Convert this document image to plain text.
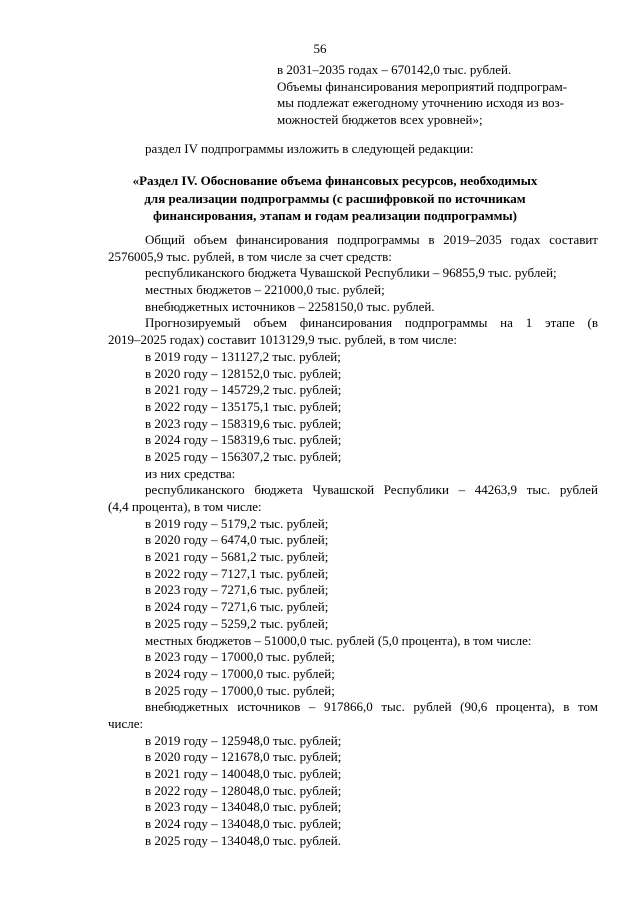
56
в 2031–2035 годах – 670142,0 тыс. рублей.
Объемы финансирования мероприятий подпрограм-
мы подлежат ежегодному уточнению исходя из воз-
можностей бюджетов всех уровней»;
раздел IV подпрограммы изложить в следующей редакции:
«Раздел IV. Обоснование объема финансовых ресурсов, необходимых
для реализации подпрограммы (с расшифровкой по источникам
финансирования, этапам и годам реализации подпрограммы)
Общий объем финансирования подпрограммы в 2019–2035 годах составит
2576005,9 тыс. рублей, в том числе за счет средств:
республиканского бюджета Чувашской Республики – 96855,9 тыс. рублей;
местных бюджетов – 221000,0 тыс. рублей;
внебюджетных источников – 2258150,0 тыс. рублей.
Прогнозируемый объем финансирования подпрограммы на 1 этапе (в
2019–2025 годах) составит 1013129,9 тыс. рублей, в том числе:
в 2019 году – 131127,2 тыс. рублей;
в 2020 году – 128152,0 тыс. рублей;
в 2021 году – 145729,2 тыс. рублей;
в 2022 году – 135175,1 тыс. рублей;
в 2023 году – 158319,6 тыс. рублей;
в 2024 году – 158319,6 тыс. рублей;
в 2025 году – 156307,2 тыс. рублей;
из них средства:
республиканского бюджета Чувашской Республики – 44263,9 тыс. рублей
(4,4 процента), в том числе:
в 2019 году – 5179,2 тыс. рублей;
в 2020 году – 6474,0 тыс. рублей;
в 2021 году – 5681,2 тыс. рублей;
в 2022 году – 7127,1 тыс. рублей;
в 2023 году – 7271,6 тыс. рублей;
в 2024 году – 7271,6 тыс. рублей;
в 2025 году – 5259,2 тыс. рублей;
местных бюджетов – 51000,0 тыс. рублей (5,0 процента), в том числе:
в 2023 году – 17000,0 тыс. рублей;
в 2024 году – 17000,0 тыс. рублей;
в 2025 году – 17000,0 тыс. рублей;
внебюджетных источников – 917866,0 тыс. рублей (90,6 процента), в том
числе:
в 2019 году – 125948,0 тыс. рублей;
в 2020 году – 121678,0 тыс. рублей;
в 2021 году – 140048,0 тыс. рублей;
в 2022 году – 128048,0 тыс. рублей;
в 2023 году – 134048,0 тыс. рублей;
в 2024 году – 134048,0 тыс. рублей;
в 2025 году – 134048,0 тыс. рублей.
